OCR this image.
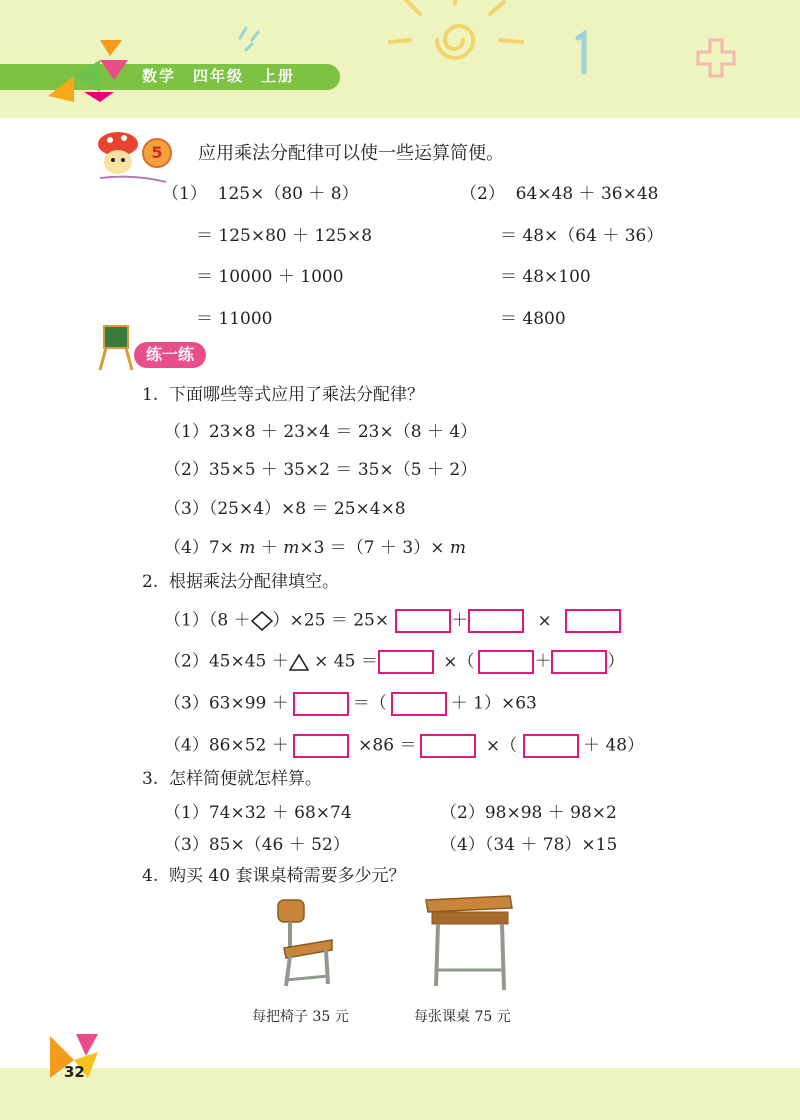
数学　四年级　上册
5	应用乘法分配律可以使一些运算简便。
（1）  125×（80 ＋ 8）
＝ 125×80 ＋ 125×8
＝ 10000 ＋ 1000
＝ 11000
（2）  64×48 ＋ 36×48
＝ 48×（64 ＋ 36）
＝ 48×100
＝ 4800
练一练
1.  下面哪些等式应用了乘法分配律？
（1）23×8 ＋ 23×4 ＝ 23×（8 ＋ 4）
（2）35×5 ＋ 35×2 ＝ 35×（5 ＋ 2）
（3）（25×4）×8 ＝ 25×4×8
（4）7× m ＋ m×3 ＝（7 ＋ 3）× m
2.  根据乘法分配律填空。
（1）（8 ＋ ）×25 ＝ 25×	＋	×
（2）45×45 ＋ × 45 ＝	×（	＋	）
（3）63×99 ＋	＝（	＋ 1）×63
（4）86×52 ＋	×86 ＝	×（	＋ 48）
3.  怎样简便就怎样算。
（1）74×32 ＋ 68×74	（2）98×98 ＋ 98×2
（3）85×（46 ＋ 52）	（4）（34 ＋ 78）×15
4.  购买 40 套课桌椅需要多少元？
每把椅子 35 元	每张课桌 75 元
32
